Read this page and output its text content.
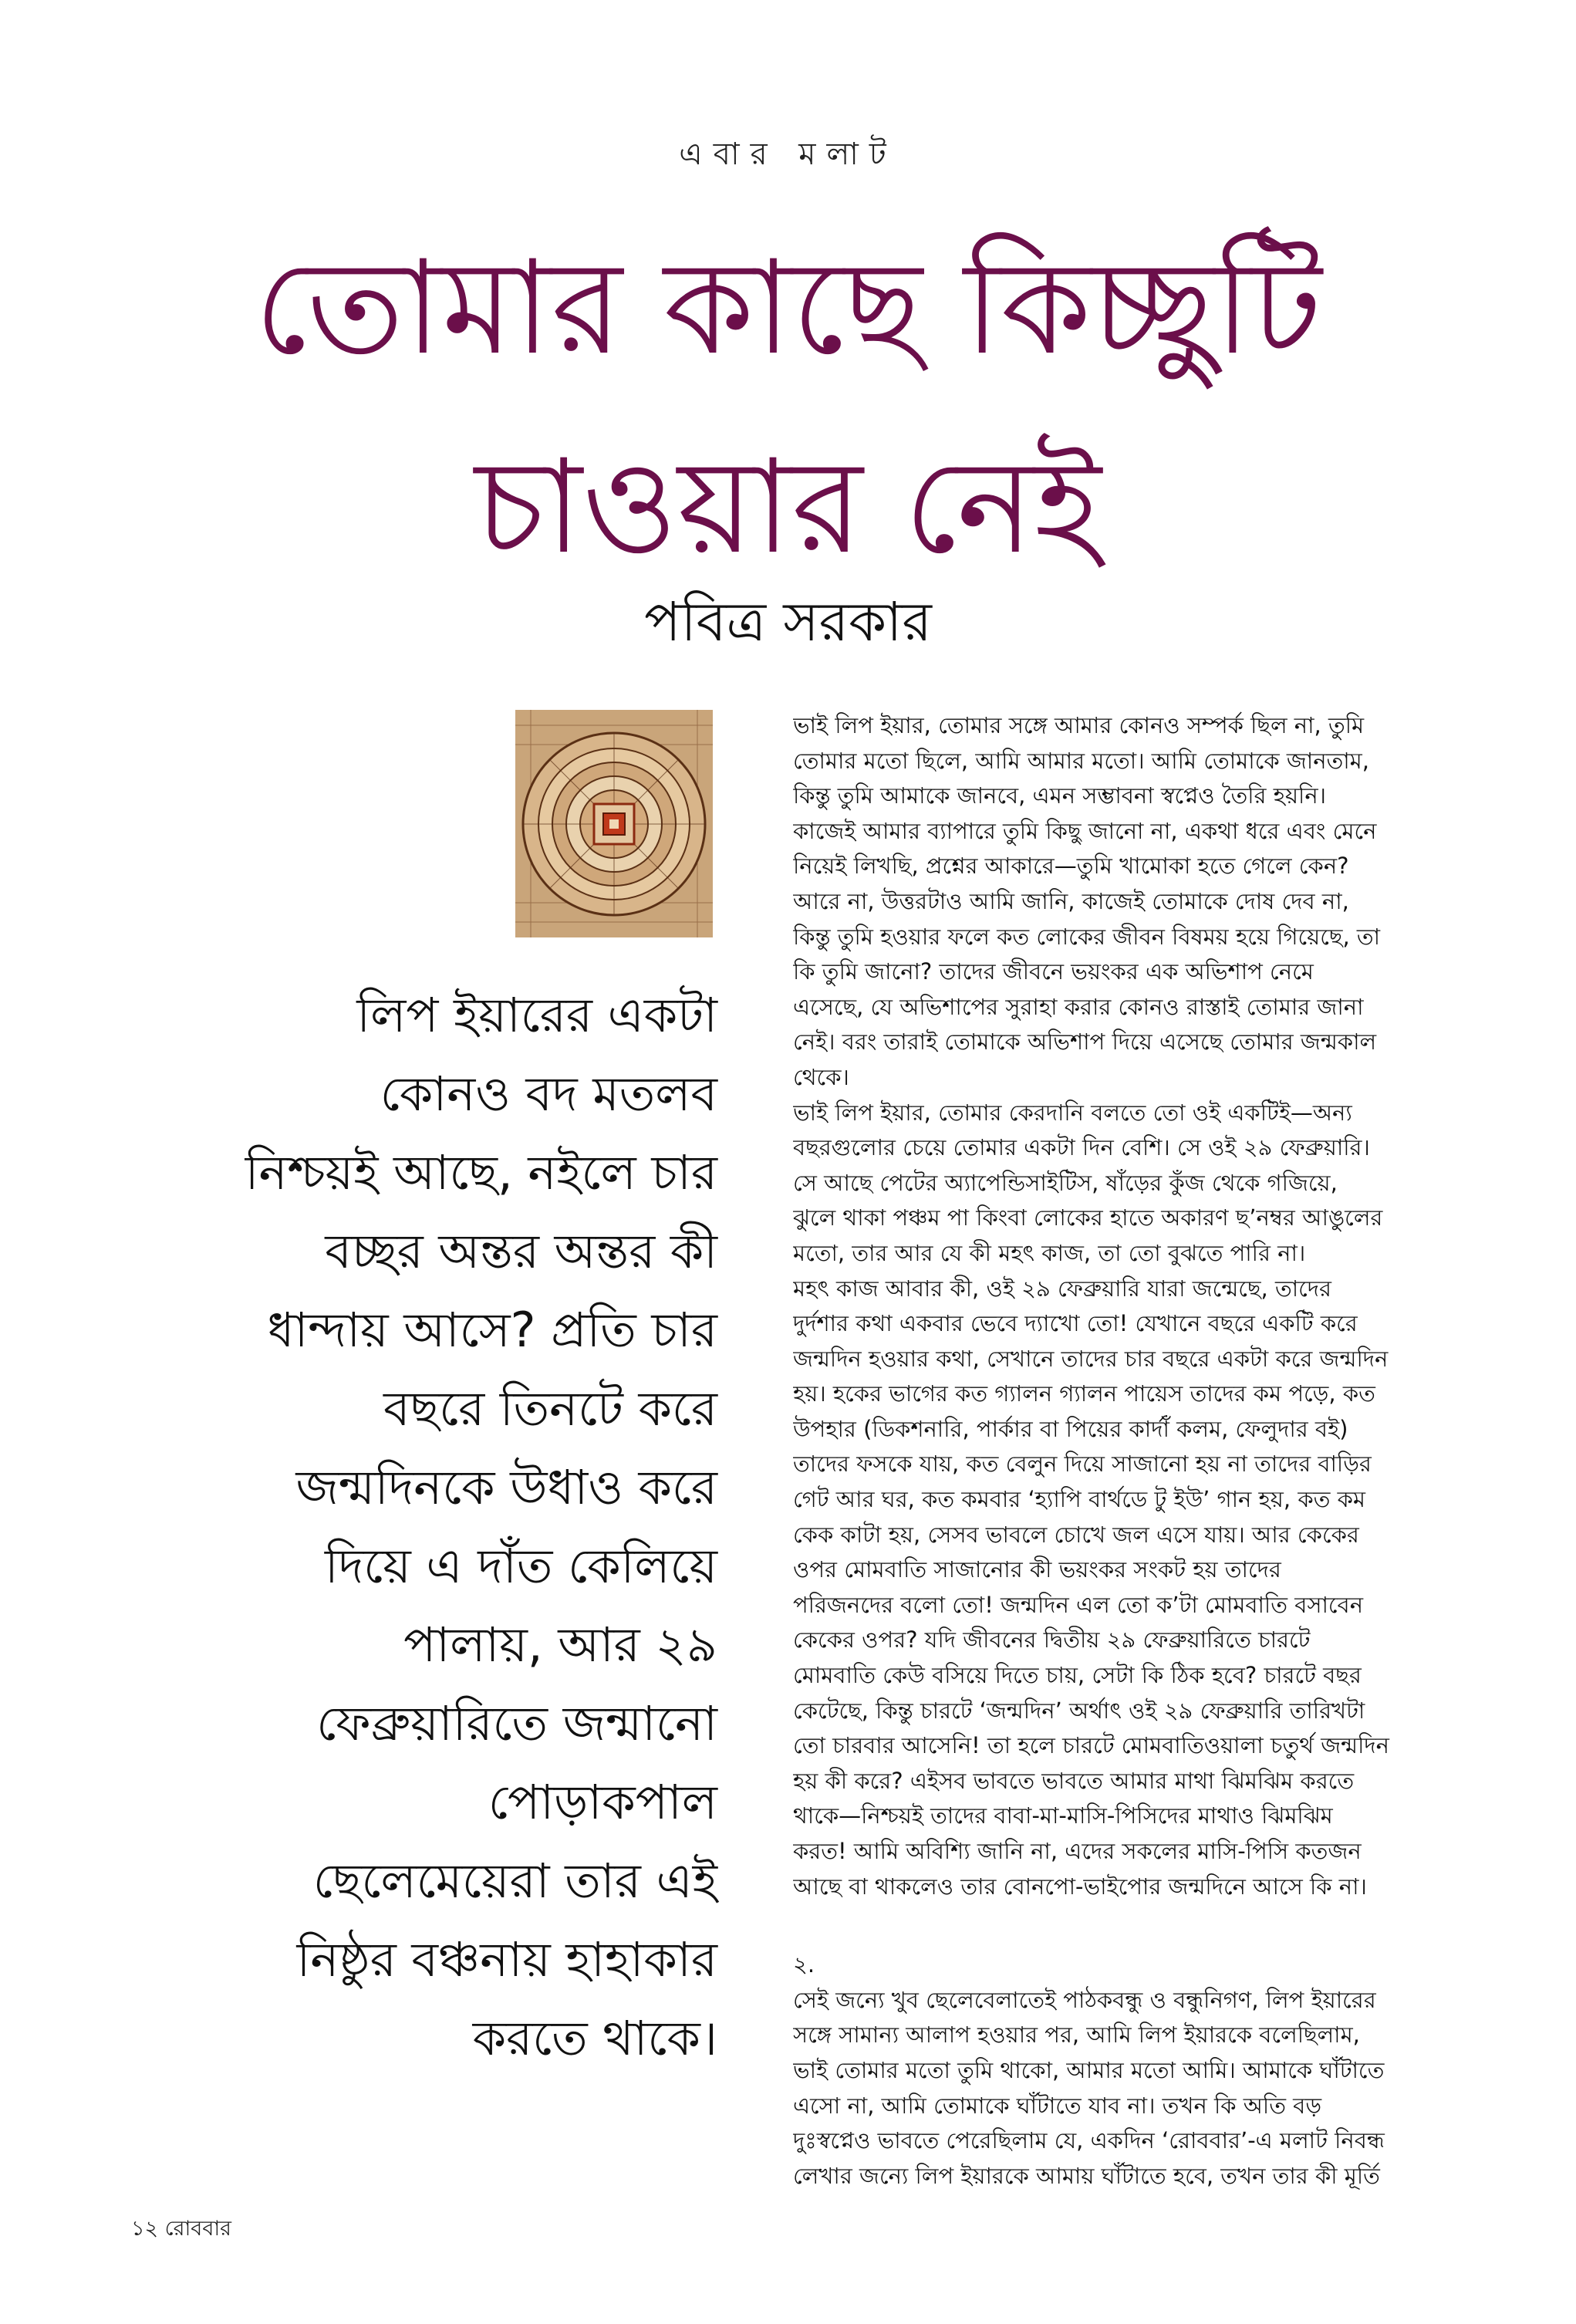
এবার মলাট
তোমার কাছে কিচ্ছুটি
চাওয়ার নেই
পবিত্র সরকার
লিপ ইয়ারের একটা
কোনও বদ মতলব
নিশ্চয়ই আছে, নইলে চার
বচ্ছর অন্তর অন্তর কী
ধান্দায় আসে? প্রতি চার
বছরে তিনটে করে
জন্মদিনকে উধাও করে
দিয়ে এ দাঁত কেলিয়ে
পালায়, আর ২৯
ফেব্রুয়ারিতে জন্মানো
পোড়াকপাল
ছেলেমেয়েরা তার এই
নিষ্ঠুর বঞ্চনায় হাহাকার
করতে থাকে।
ভাই লিপ ইয়ার, তোমার সঙ্গে আমার কোনও সম্পর্ক ছিল না, তুমি
তোমার মতো ছিলে, আমি আমার মতো। আমি তোমাকে জানতাম,
কিন্তু তুমি আমাকে জানবে, এমন সম্ভাবনা স্বপ্নেও তৈরি হয়নি।
কাজেই আমার ব্যাপারে তুমি কিছু জানো না, একথা ধরে এবং মেনে
নিয়েই লিখছি, প্রশ্নের আকারে—তুমি খামোকা হতে গেলে কেন?
আরে না, উত্তরটাও আমি জানি, কাজেই তোমাকে দোষ দেব না,
কিন্তু তুমি হওয়ার ফলে কত লোকের জীবন বিষময় হয়ে গিয়েছে, তা
কি তুমি জানো? তাদের জীবনে ভয়ংকর এক অভিশাপ নেমে
এসেছে, যে অভিশাপের সুরাহা করার কোনও রাস্তাই তোমার জানা
নেই। বরং তারাই তোমাকে অভিশাপ দিয়ে এসেছে তোমার জন্মকাল
থেকে।
ভাই লিপ ইয়ার, তোমার কেরদানি বলতে তো ওই একটিই—অন্য
বছরগুলোর চেয়ে তোমার একটা দিন বেশি। সে ওই ২৯ ফেব্রুয়ারি।
সে আছে পেটের অ্যাপেন্ডিসাইটিস, ষাঁড়ের কুঁজ থেকে গজিয়ে,
ঝুলে থাকা পঞ্চম পা কিংবা লোকের হাতে অকারণ ছ’নম্বর আঙুলের
মতো, তার আর যে কী মহৎ কাজ, তা তো বুঝতে পারি না।
মহৎ কাজ আবার কী, ওই ২৯ ফেব্রুয়ারি যারা জন্মেছে, তাদের
দুর্দশার কথা একবার ভেবে দ্যাখো তো! যেখানে বছরে একটি করে
জন্মদিন হওয়ার কথা, সেখানে তাদের চার বছরে একটা করে জন্মদিন
হয়। হকের ভাগের কত গ্যালন গ্যালন পায়েস তাদের কম পড়ে, কত
উপহার (ডিকশনারি, পার্কার বা পিয়ের কার্দাঁ কলম, ফেলুদার বই)
তাদের ফসকে যায়, কত বেলুন দিয়ে সাজানো হয় না তাদের বাড়ির
গেট আর ঘর, কত কমবার ‘হ্যাপি বার্থডে টু ইউ’ গান হয়, কত কম
কেক কাটা হয়, সেসব ভাবলে চোখে জল এসে যায়। আর কেকের
ওপর মোমবাতি সাজানোর কী ভয়ংকর সংকট হয় তাদের
পরিজনদের বলো তো! জন্মদিন এল তো ক’টা মোমবাতি বসাবেন
কেকের ওপর? যদি জীবনের দ্বিতীয় ২৯ ফেব্রুয়ারিতে চারটে
মোমবাতি কেউ বসিয়ে দিতে চায়, সেটা কি ঠিক হবে? চারটে বছর
কেটেছে, কিন্তু চারটে ‘জন্মদিন’ অর্থাৎ ওই ২৯ ফেব্রুয়ারি তারিখটা
তো চারবার আসেনি! তা হলে চারটে মোমবাতিওয়ালা চতুর্থ জন্মদিন
হয় কী করে? এইসব ভাবতে ভাবতে আমার মাথা ঝিমঝিম করতে
থাকে—নিশ্চয়ই তাদের বাবা-মা-মাসি-পিসিদের মাথাও ঝিমঝিম
করত! আমি অবিশ্যি জানি না, এদের সকলের মাসি-পিসি কতজন
আছে বা থাকলেও তার বোনপো-ভাইপোর জন্মদিনে আসে কি না।
২.
সেই জন্যে খুব ছেলেবেলাতেই পাঠকবন্ধু ও বন্ধুনিগণ, লিপ ইয়ারের
সঙ্গে সামান্য আলাপ হওয়ার পর, আমি লিপ ইয়ারকে বলেছিলাম,
ভাই তোমার মতো তুমি থাকো, আমার মতো আমি। আমাকে ঘাঁটাতে
এসো না, আমি তোমাকে ঘাঁটাতে যাব না। তখন কি অতি বড়
দুঃস্বপ্নেও ভাবতে পেরেছিলাম যে, একদিন ‘রোববার’-এ মলাট নিবন্ধ
লেখার জন্যে লিপ ইয়ারকে আমায় ঘাঁটাতে হবে, তখন তার কী মূর্তি
১২ রোববার
